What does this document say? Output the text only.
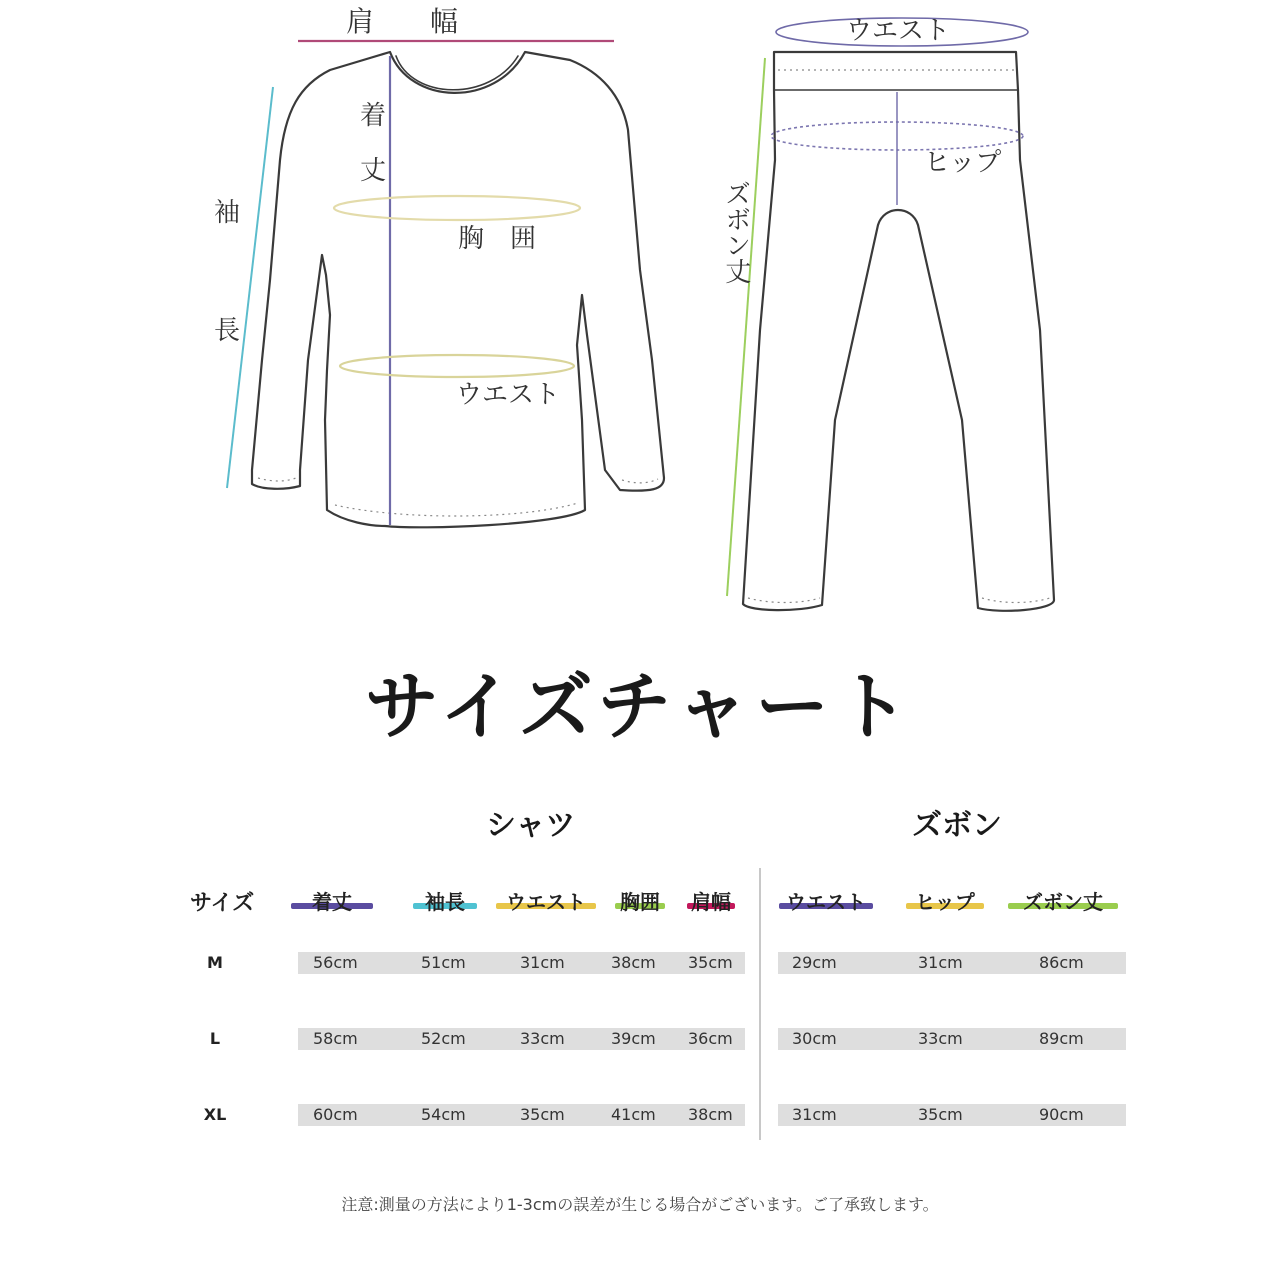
肩　　幅
着
丈
袖
長
胸　囲
ウエスト
ウエスト
ヒップ
ズボン丈
サイズチャート
シャツ	ズボン
サイズ	着丈	袖長	ウエスト	胸囲 肩幅	ウエスト	ヒップ	ズボン丈
M	56cm	51cm	31cm	38cm 35cm	29cm	31cm	86cm
L	58cm	52cm	33cm	39cm 36cm	30cm	33cm	89cm
XL	60cm	54cm	35cm	41cm 38cm	31cm	35cm	90cm
注意:測量の方法により1-3cmの誤差が生じる場合がございます。ご了承致します。
